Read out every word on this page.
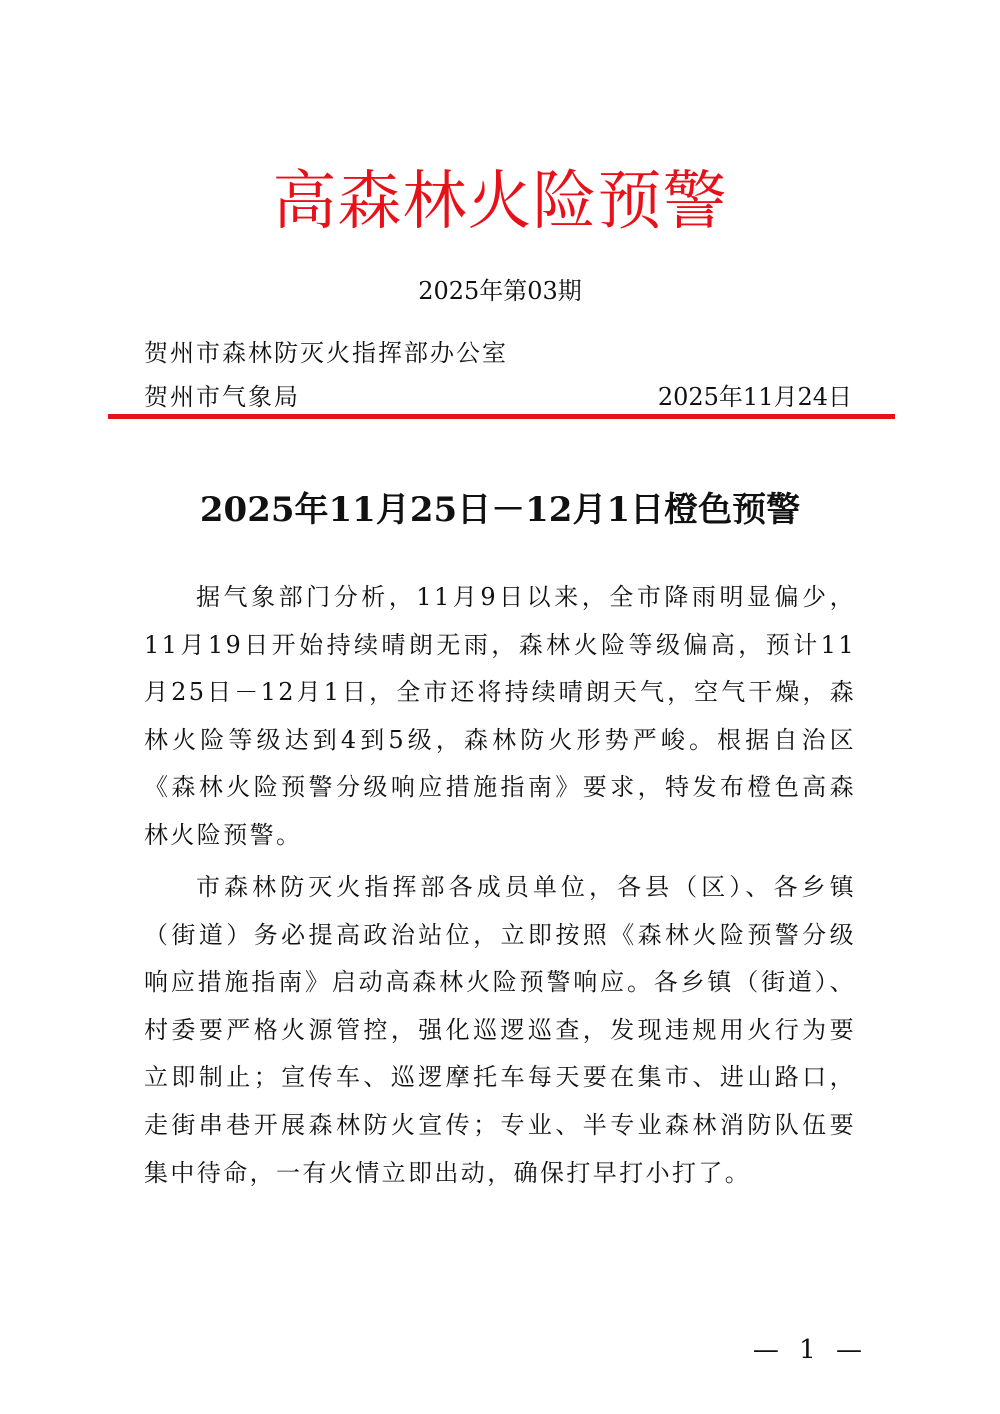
高森林火险预警
2025年第03期
贺州市森林防灭火指挥部办公室
贺州市气象局	2025年11月24日
2025年11月25日－12月1日橙色预警

据气象部门分析，11月9日以来，全市降雨明显偏少，11月19日开始持续晴朗无雨，森林火险等级偏高，预计11月25日－12月1日，全市还将持续晴朗天气，空气干燥，森林火险等级达到4到5级，森林防火形势严峻。根据自治区《森林火险预警分级响应措施指南》要求，特发布橙色高森林火险预警。

市森林防灭火指挥部各成员单位，各县（区）、各乡镇（街道）务必提高政治站位，立即按照《森林火险预警分级响应措施指南》启动高森林火险预警响应。各乡镇（街道）、村委要严格火源管控，强化巡逻巡查，发现违规用火行为要立即制止；宣传车、巡逻摩托车每天要在集市、进山路口，走街串巷开展森林防火宣传；专业、半专业森林消防队伍要集中待命，一有火情立即出动，确保打早打小打了。

— 1 —
